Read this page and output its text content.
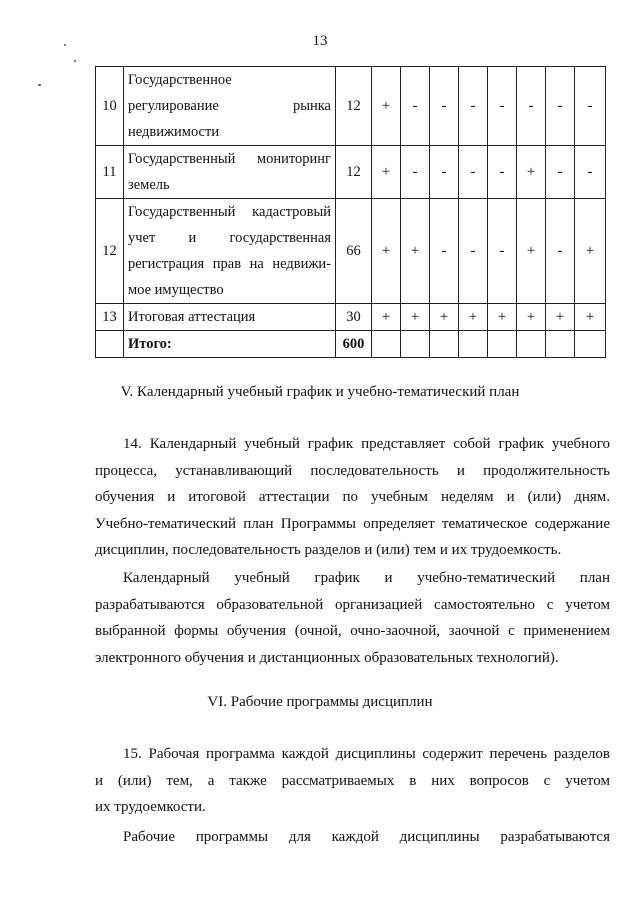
13
10	Государственное
регулирование рынка
недвижимости	12	+	-	-	-	-	-	-	-
11	Государственный мониторинг
земель	12	+	-	-	-	-	+	-	-
12	Государственный кадастровый
учет и государственная
регистрация прав на недвижи-
мое имущество	66	+	+	-	-	-	+	-	+
13	Итоговая аттестация	30	+	+	+	+	+	+	+	+
	Итого:	600								
V. Календарный учебный график и учебно-тематический план
14. Календарный учебный график представляет собой график учебного
процесса, устанавливающий последовательность и продолжительность
обучения и итоговой аттестации по учебным неделям и (или) дням.
Учебно-тематический план Программы определяет тематическое содержание
дисциплин, последовательность разделов и (или) тем и их трудоемкость.
Календарный учебный график и учебно-тематический план
разрабатываются образовательной организацией самостоятельно с учетом
выбранной формы обучения (очной, очно-заочной, заочной с применением
электронного обучения и дистанционных образовательных технологий).
VI. Рабочие программы дисциплин
15. Рабочая программа каждой дисциплины содержит перечень разделов
и (или) тем, а также рассматриваемых в них вопросов с учетом
их трудоемкости.
Рабочие программы для каждой дисциплины разрабатываются
